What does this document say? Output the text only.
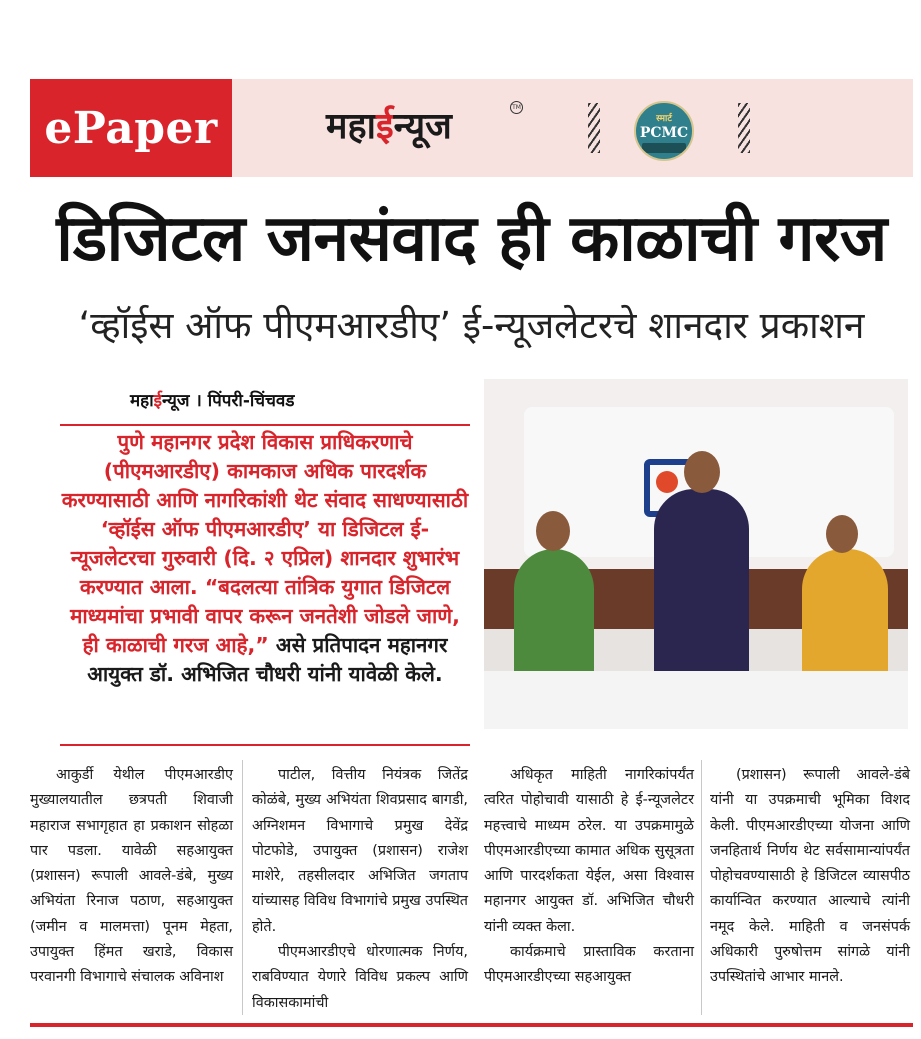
ePaper	महाईन्यूज	TM
स्मार्ट
PCMC
डिजिटल जनसंवाद ही काळाची गरज
‘व्हॉईस ऑफ पीएमआरडीए’ ई-न्यूजलेटरचे शानदार प्रकाशन
महाईन्यूज । पिंपरी-चिंचवड
पुणे महानगर प्रदेश विकास प्राधिकरणाचे (पीएमआरडीए) कामकाज अधिक पारदर्शक करण्यासाठी आणि नागरिकांशी थेट संवाद साधण्यासाठी ‘व्हॉईस ऑफ पीएमआरडीए’ या डिजिटल ई-न्यूजलेटरचा गुरुवारी (दि. २ एप्रिल) शानदार शुभारंभ करण्यात आला. “बदलत्या तांत्रिक युगात डिजिटल माध्यमांचा प्रभावी वापर करून जनतेशी जोडले जाणे, ही काळाची गरज आहे,” असे प्रतिपादन महानगर आयुक्त डॉ. अभिजित चौधरी यांनी यावेळी केले.

आकुर्डी येथील पीएमआरडीए मुख्यालयातील छत्रपती शिवाजी महाराज सभागृहात हा प्रकाशन सोहळा पार पडला. यावेळी सहआयुक्त (प्रशासन) रूपाली आवले-डंबे, मुख्य अभियंता रिनाज पठाण, सहआयुक्त (जमीन व मालमत्ता) पूनम मेहता, उपायुक्त हिंमत खराडे, विकास परवानगी विभागाचे संचालक अविनाश

पाटील, वित्तीय नियंत्रक जितेंद्र कोळंबे, मुख्य अभियंता शिवप्रसाद बागडी, अग्निशमन विभागाचे प्रमुख देवेंद्र पोटफोडे, उपायुक्त (प्रशासन) राजेश माशेरे, तहसीलदार अभिजित जगताप यांच्यासह विविध विभागांचे प्रमुख उपस्थित होते.

पीएमआरडीएचे धोरणात्मक निर्णय, राबविण्यात येणारे विविध प्रकल्प आणि विकासकामांची

अधिकृत माहिती नागरिकांपर्यंत त्वरित पोहोचावी यासाठी हे ई-न्यूजलेटर महत्त्वाचे माध्यम ठरेल. या उपक्रमामुळे पीएमआरडीएच्या कामात अधिक सुसूत्रता आणि पारदर्शकता येईल, असा विश्वास महानगर आयुक्त डॉ. अभिजित चौधरी यांनी व्यक्त केला.

कार्यक्रमाचे प्रास्ताविक करताना पीएमआरडीएच्या सहआयुक्त

(प्रशासन) रूपाली आवले-डंबे यांनी या उपक्रमाची भूमिका विशद केली. पीएमआरडीएच्या योजना आणि जनहितार्थ निर्णय थेट सर्वसामान्यांपर्यंत पोहोचवण्यासाठी हे डिजिटल व्यासपीठ कार्यान्वित करण्यात आल्याचे त्यांनी नमूद केले. माहिती व जनसंपर्क अधिकारी पुरुषोत्तम सांगळे यांनी उपस्थितांचे आभार मानले.
